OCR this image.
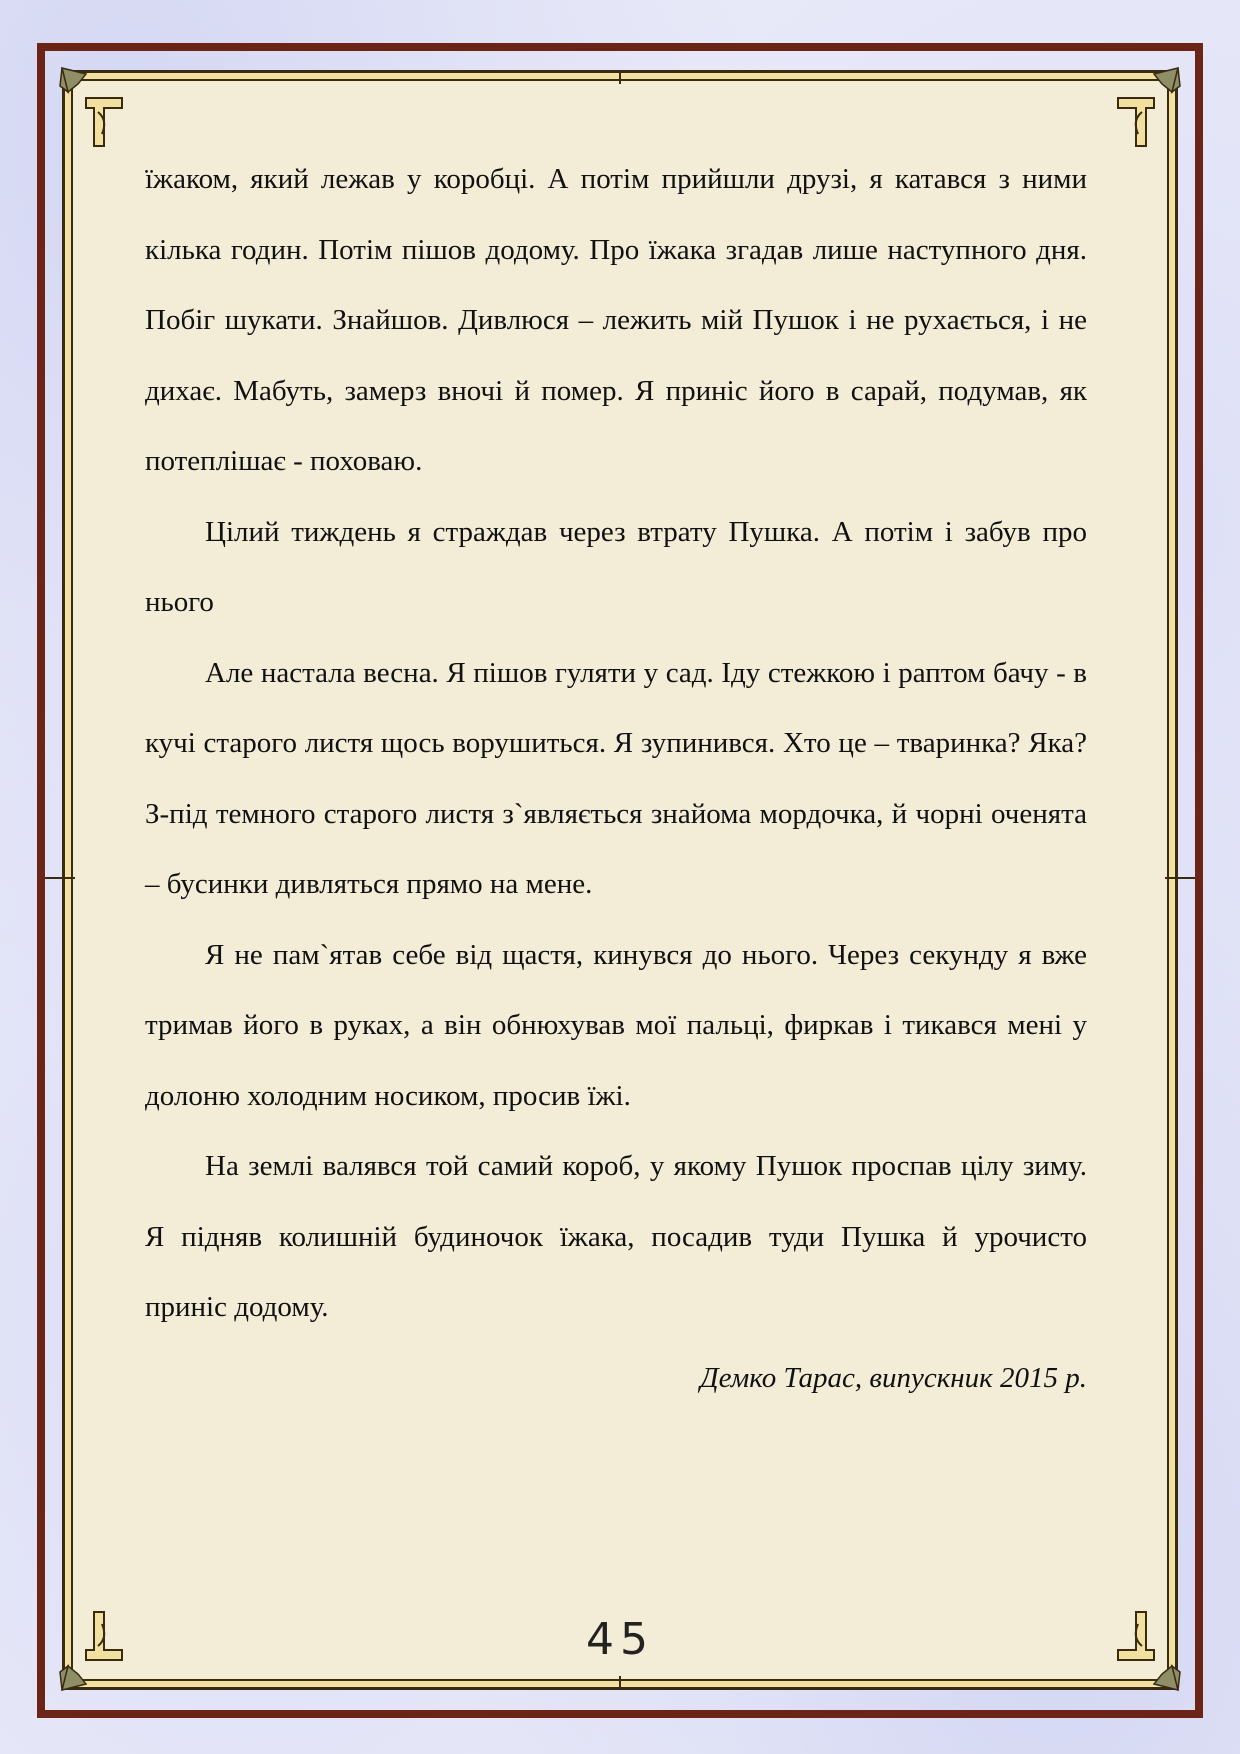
їжаком, який лежав у коробці. А потім прийшли друзі, я катався з ними кілька годин. Потім пішов додому. Про їжака згадав лише наступного дня. Побіг шукати. Знайшов. Дивлюся – лежить мій Пушок і не рухається, і не дихає. Мабуть, замерз вночі й помер. Я приніс його в сарай, подумав, як потеплішає - поховаю.

Цілий тиждень я страждав через втрату Пушка. А потім і забув про нього

Але настала весна. Я пішов гуляти у сад. Іду стежкою і раптом бачу - в кучі старого листя щось ворушиться. Я зупинився. Хто це – тваринка? Яка? З-під темного старого листя з`являється знайома мордочка, й чорні оченята – бусинки дивляться прямо на мене.

Я не пам`ятав себе від щастя, кинувся до нього. Через секунду я вже тримав його в руках, а він обнюхував мої пальці, фиркав і тикався мені у долоню холодним носиком, просив їжі.

На землі валявся той самий короб, у якому Пушок проспав цілу зиму. Я підняв колишній будиночок їжака, посадив туди Пушка й урочисто приніс додому.

Демко Тарас, випускник 2015 р.

45
